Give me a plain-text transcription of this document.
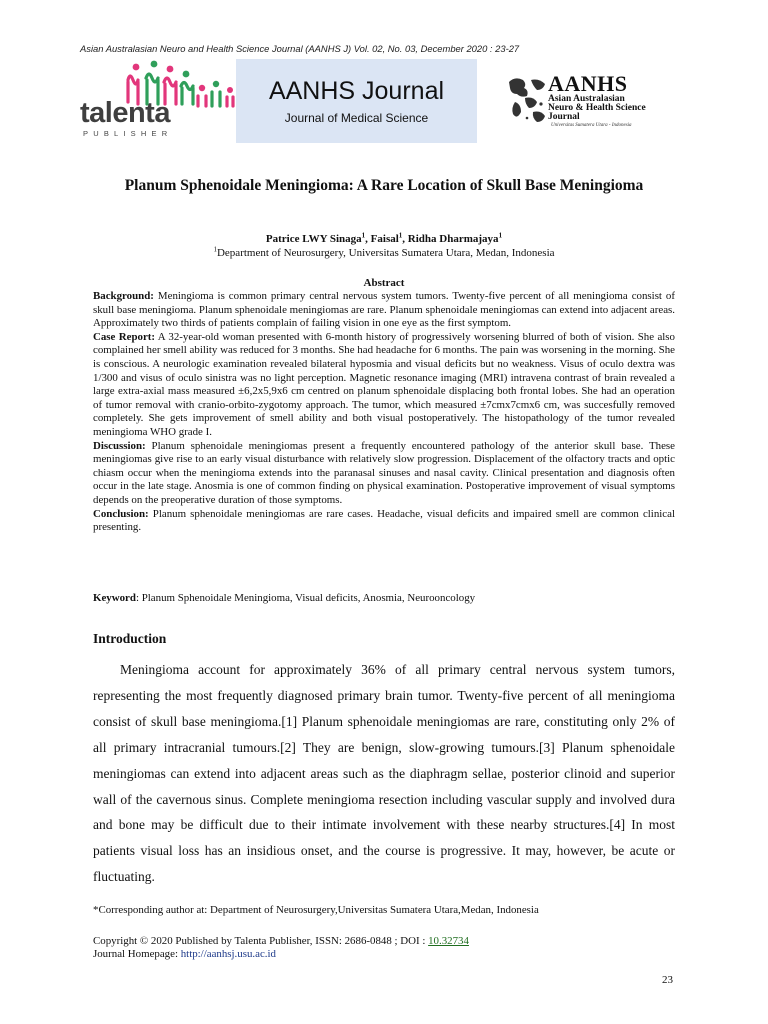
Asian Australasian Neuro and Health Science Journal (AANHS J) Vol. 02, No. 03, December 2020 : 23-27
talenta
PUBLISHER
AANHS Journal
Journal of Medical Science
AANHS
Asian Australasian
Neuro & Health Science
Journal
Universitas Sumatera Utara - Indonesia
Planum Sphenoidale Meningioma: A Rare Location of Skull Base Meningioma
Patrice LWY Sinaga$^1$, Faisal$^1$, Ridha Dharmajaya$^1$
$^1$Department of Neurosurgery, Universitas Sumatera Utara, Medan, Indonesia
Abstract

Background: Meningioma is common primary central nervous system tumors. Twenty-five percent of all meningioma consist of skull base meningioma. Planum sphenoidale meningiomas are rare. Planum sphenoidale meningiomas can extend into adjacent areas. Approximately two thirds of patients complain of failing vision in one eye as the first symptom.

Case Report: A 32-year-old woman presented with 6-month history of progressively worsening blurred of both of vision. She also complained her smell ability was reduced for 3 months. She had headache for 6 months. The pain was worsening in the morning. She is conscious. A neurologic examination revealed bilateral hyposmia and visual deficits but no weakness. Visus of oculo dextra was 1/300 and visus of oculo sinistra was no light perception. Magnetic resonance imaging (MRI) intravena contrast of brain revealed a large extra-axial mass measured ±6,2x5,9x6 cm centred on planum sphenoidale displacing both frontal lobes. She had an operation of tumor removal with cranio-orbito-zygotomy approach. The tumor, which measured ±7cmx7cmx6 cm, was succesfully removed completely. She gets improvement of smell ability and both visual postoperatively. The histopathology of the tumor revealed meningioma WHO grade I.

Discussion: Planum sphenoidale meningiomas present a frequently encountered pathology of the anterior skull base. These meningiomas give rise to an early visual disturbance with relatively slow progression. Displacement of the olfactory tracts and optic chiasm occur when the meningioma extends into the paranasal sinuses and nasal cavity. Clinical presentation and diagnosis often occur in the late stage. Anosmia is one of common finding on physical examination. Postoperative improvement of visual symptoms depends on the preoperative duration of those symptoms.

Conclusion: Planum sphenoidale meningiomas are rare cases. Headache, visual deficits and impaired smell are common clinical presenting.

Keyword: Planum Sphenoidale Meningioma, Visual deficits, Anosmia, Neurooncology
Introduction

Meningioma account for approximately 36% of all primary central nervous system tumors, representing the most frequently diagnosed primary brain tumor. Twenty-five percent of all meningioma consist of skull base meningioma.[1] Planum sphenoidale meningiomas are rare, constituting only 2% of all primary intracranial tumours.[2] They are benign, slow-growing tumours.[3] Planum sphenoidale meningiomas can extend into adjacent areas such as the diaphragm sellae, posterior clinoid and superior wall of the cavernous sinus. Complete meningioma resection including vascular supply and involved dura and bone may be difficult due to their intimate involvement with these nearby structures.[4] In most patients visual loss has an insidious onset, and the course is progressive. It may, however, be acute or fluctuating.

*Corresponding author at: Department of Neurosurgery,Universitas Sumatera Utara,Medan, Indonesia
Copyright © 2020 Published by Talenta Publisher, ISSN: 2686-0848 ; DOI : 10.32734
Journal Homepage: http://aanhsj.usu.ac.id
23
